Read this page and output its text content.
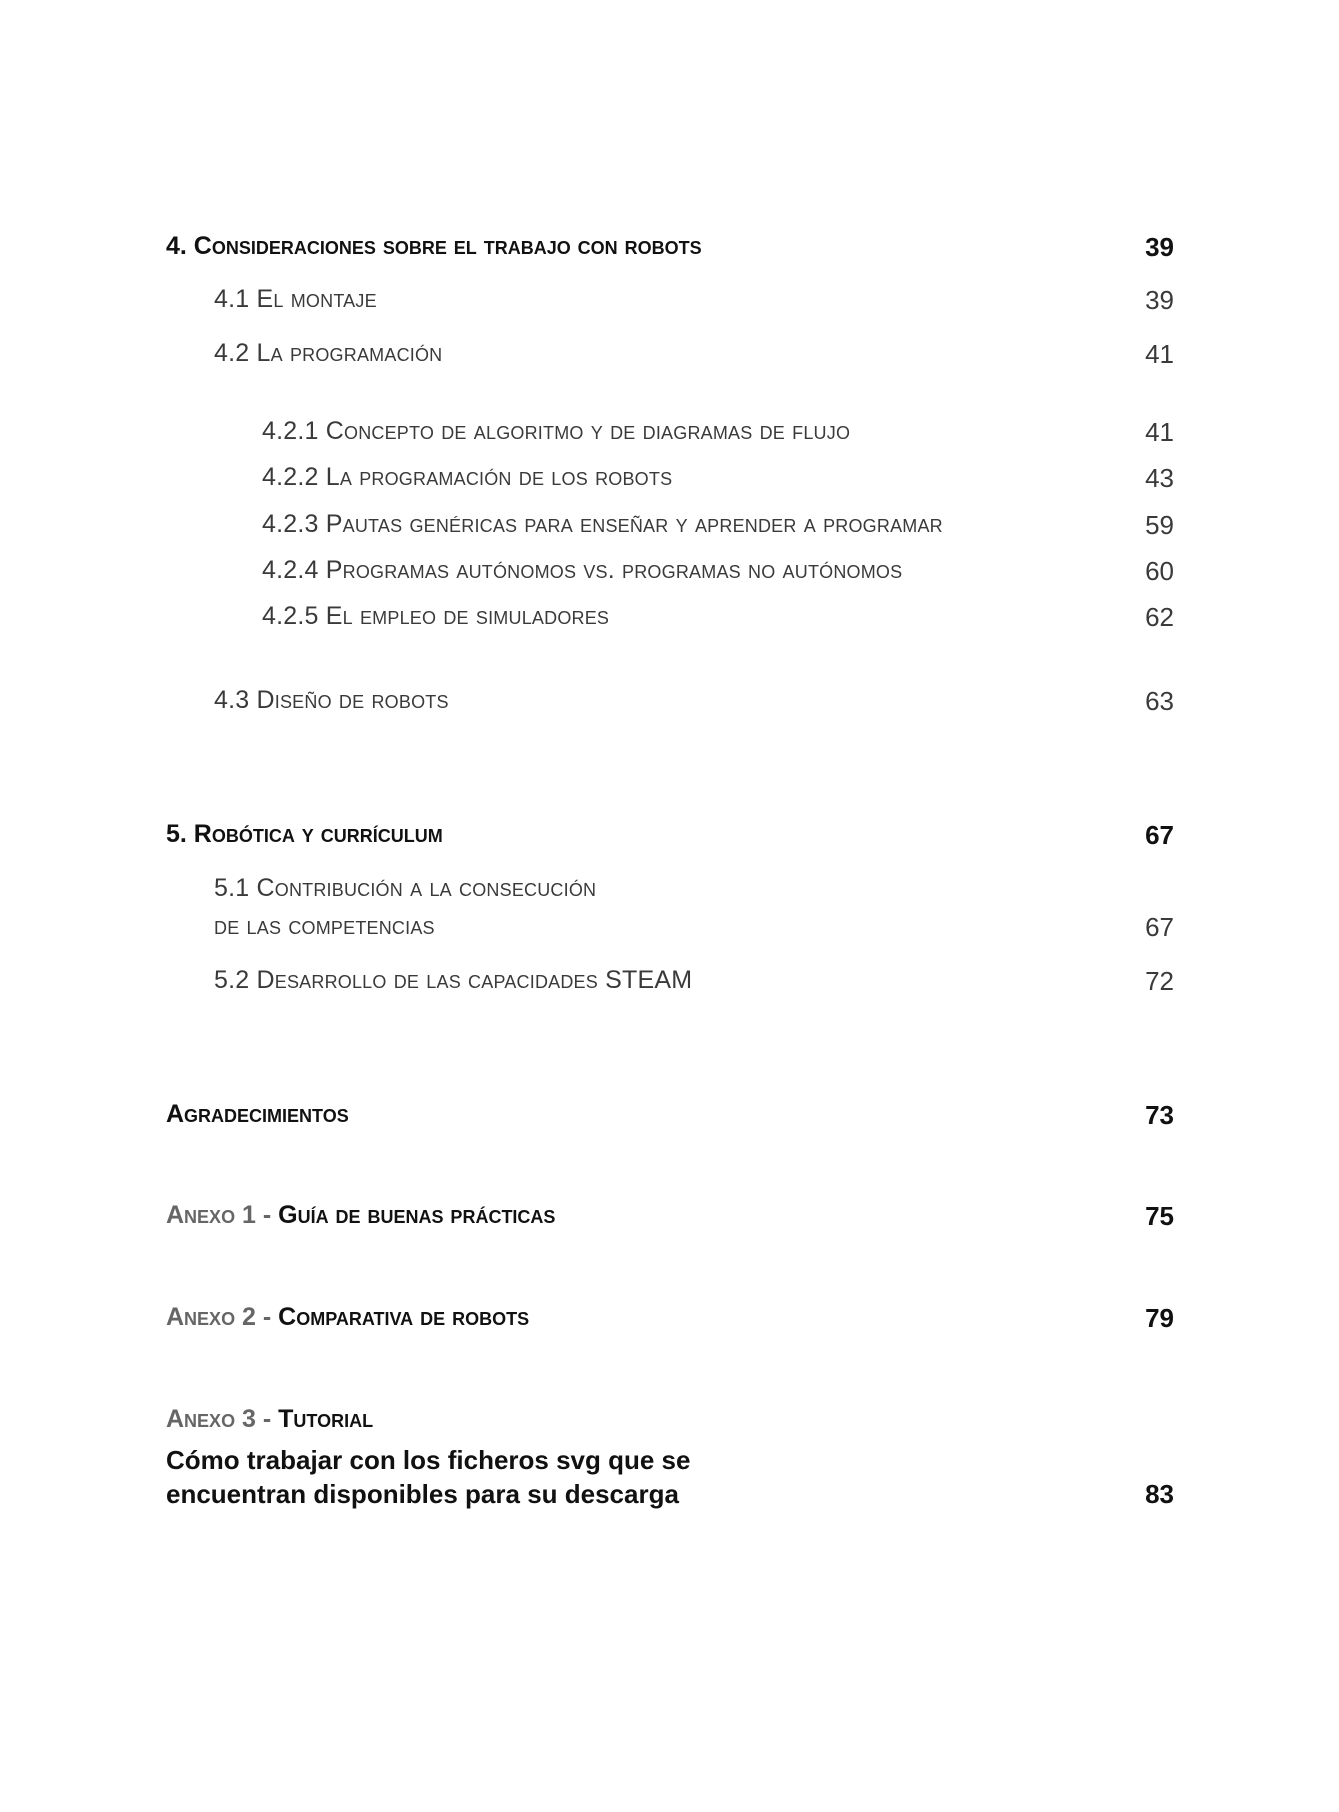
4. Consideraciones sobre el trabajo con robots	39
4.1 El montaje	39
4.2 La programación	41
4.2.1 Concepto de algoritmo y de diagramas de flujo	41
4.2.2 La programación de los robots	43
4.2.3 Pautas genéricas para enseñar y aprender a programar	59
4.2.4 Programas autónomos vs. programas no autónomos	60
4.2.5 El empleo de simuladores	62
4.3 Diseño de robots	63
5. Robótica y currículum	67
5.1 Contribución a la consecución
de las competencias	67
5.2 Desarrollo de las capacidades STEAM	72
Agradecimientos	73
Anexo 1 - Guía de buenas prácticas	75
Anexo 2 - Comparativa de robots	79
Anexo 3 - Tutorial
Cómo trabajar con los ficheros svg que se
encuentran disponibles para su descarga	83
